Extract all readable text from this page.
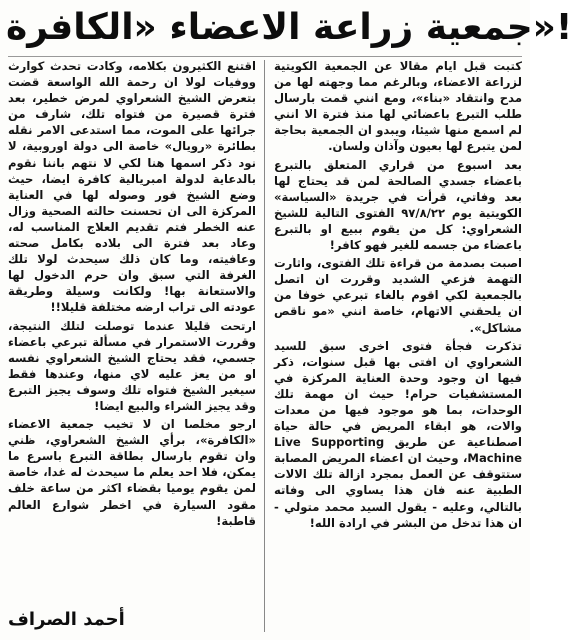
جمعية زراعة الاعضاء «الكافرة»!

كتبت قبل ايام مقالا عن الجمعية الكويتية لزراعة الاعضاء، وبالرغم مما وجهته لها من مدح وانتقاد «بناء»، ومع انني قمت بارسال طلب التبرع باعضائي لها منذ فترة الا انني لم اسمع منها شيئا، ويبدو ان الجمعية بحاجة لمن يتبرع لها بعيون وآذان ولسان.

بعد اسبوع من قراري المتعلق بالتبرع باعضاء جسدي الصالحة لمن قد يحتاج لها بعد وفاتي، قرأت في جريدة «السياسة» الكويتية يوم ٩٧/٨/٢٢ الفتوى التالية للشيخ الشعراوي: كل من يقوم ببيع او بالتبرع باعضاء من جسمه للغير فهو كافر!

اصبت بصدمة من قراءة تلك الفتوى، واثارت التهمة فزعي الشديد وقررت ان اتصل بالجمعية لكي اقوم بالغاء تبرعي خوفا من ان يلحقني الاتهام، خاصة انني «مو ناقص مشاكل».

تذكرت فجأة فتوى اخرى سبق للسيد الشعراوي ان افتى بها قبل سنوات، ذكر فيها ان وجود وحدة العناية المركزة في المستشفيات حرام! حيث ان مهمة تلك الوحدات، بما هو موجود فيها من معدات والات، هو ابقاء المريض في حالة حياة اصطناعية عن طريق Live Supporting Machine، وحيث ان اعضاء المريض المصابة ستتوقف عن العمل بمجرد ازالة تلك الالات الطبية عنه فان هذا يساوي الى وفاته بالتالي، وعليه - يقول السيد محمد متولي - ان هذا تدخل من البشر في ارادة الله!

اقتنع الكثيرون بكلامه، وكادت تحدث كوارث ووفيات لولا ان رحمة الله الواسعة قضت بتعرض الشيخ الشعراوي لمرض خطير، بعد فترة قصيرة من فتواه تلك، شارف من جرائها على الموت، مما استدعى الامر نقله بطائرة «رويال» خاصة الى دولة اوروبية، لا نود ذكر اسمها هنا لكي لا نتهم باننا نقوم بالدعاية لدولة امبريالية كافرة ايضا، حيث وضع الشيخ فور وصوله لها في العناية المركزة الى ان تحسنت حالته الصحية وزال عنه الخطر فتم تقديم العلاج المناسب له، وعاد بعد فترة الى بلاده بكامل صحته وعافيته، وما كان ذلك سيحدث لولا تلك الغرفة التي سبق وان حرم الدخول لها والاستعانة بها! ولكانت وسيلة وطريقة عودته الى تراب ارضه مختلفة قليلا!!

ارتحت قليلا عندما توصلت لتلك النتيجة، وقررت الاستمرار في مسألة تبرعي باعضاء جسمي، فقد يحتاج الشيخ الشعراوي نفسه او من يعز عليه لاي منها، وعندها فقط سيغير الشيخ فتواه تلك وسوف يجيز التبرع وقد يجيز الشراء والبيع ايضا!

ارجو مخلصا ان لا تخيب جمعية الاعضاء «الكافرة»، برأي الشيخ الشعراوي، ظني وان تقوم بارسال بطاقة التبرع باسرع ما يمكن، فلا احد يعلم ما سيحدث له غدا، خاصة لمن يقوم يوميا بقضاء اكثر من ساعة خلف مقود السيارة في اخطر شوارع العالم قاطبة!

أحمد الصراف
